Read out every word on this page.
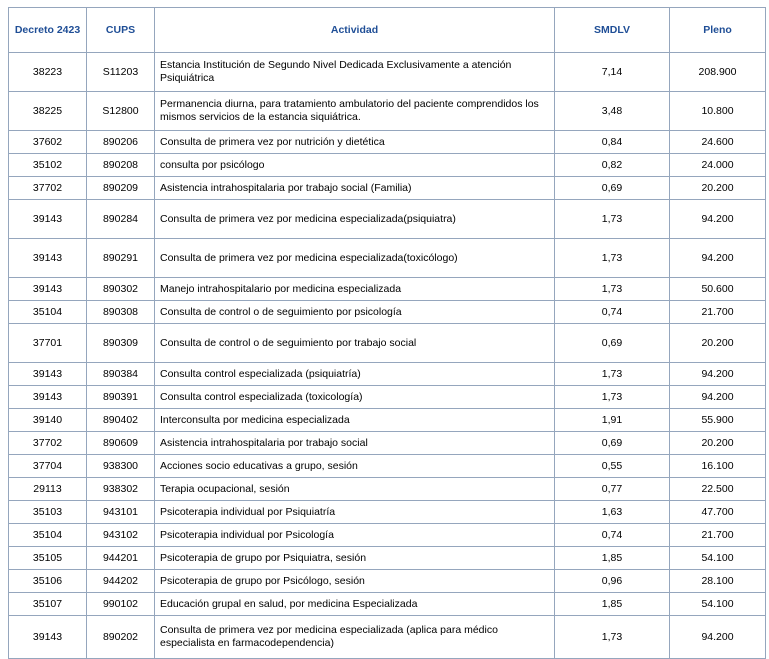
Decreto 2423	CUPS	Actividad	SMDLV	Pleno
38223	S11203	Estancia Institución de Segundo Nivel Dedicada Exclusivamente a atención Psiquiátrica	7,14	208.900
38225	S12800	Permanencia diurna, para tratamiento ambulatorio del paciente comprendidos los mismos servicios de la estancia siquiátrica.	3,48	10.800
37602	890206	Consulta de primera vez por nutrición y dietética	0,84	24.600
35102	890208	consulta por psicólogo	0,82	24.000
37702	890209	Asistencia intrahospitalaria por trabajo social (Familia)	0,69	20.200
39143	890284	Consulta de primera vez por medicina especializada(psiquiatra)	1,73	94.200
39143	890291	Consulta de primera vez por medicina especializada(toxicólogo)	1,73	94.200
39143	890302	Manejo intrahospitalario por medicina especializada	1,73	50.600
35104	890308	Consulta de control o de seguimiento por psicología	0,74	21.700
37701	890309	Consulta de control o de seguimiento por trabajo social	0,69	20.200
39143	890384	Consulta control especializada (psiquiatría)	1,73	94.200
39143	890391	Consulta control especializada (toxicología)	1,73	94.200
39140	890402	Interconsulta por medicina especializada	1,91	55.900
37702	890609	Asistencia intrahospitalaria por trabajo social	0,69	20.200
37704	938300	Acciones socio educativas a grupo, sesión	0,55	16.100
29113	938302	Terapia ocupacional, sesión	0,77	22.500
35103	943101	Psicoterapia individual por Psiquiatría	1,63	47.700
35104	943102	Psicoterapia individual por Psicología	0,74	21.700
35105	944201	Psicoterapia de grupo por Psiquiatra, sesión	1,85	54.100
35106	944202	Psicoterapia de grupo por Psicólogo, sesión	0,96	28.100
35107	990102	Educación grupal en salud, por medicina Especializada	1,85	54.100
39143	890202	Consulta de primera vez por medicina especializada (aplica para médico especialista en farmacodependencia)	1,73	94.200
